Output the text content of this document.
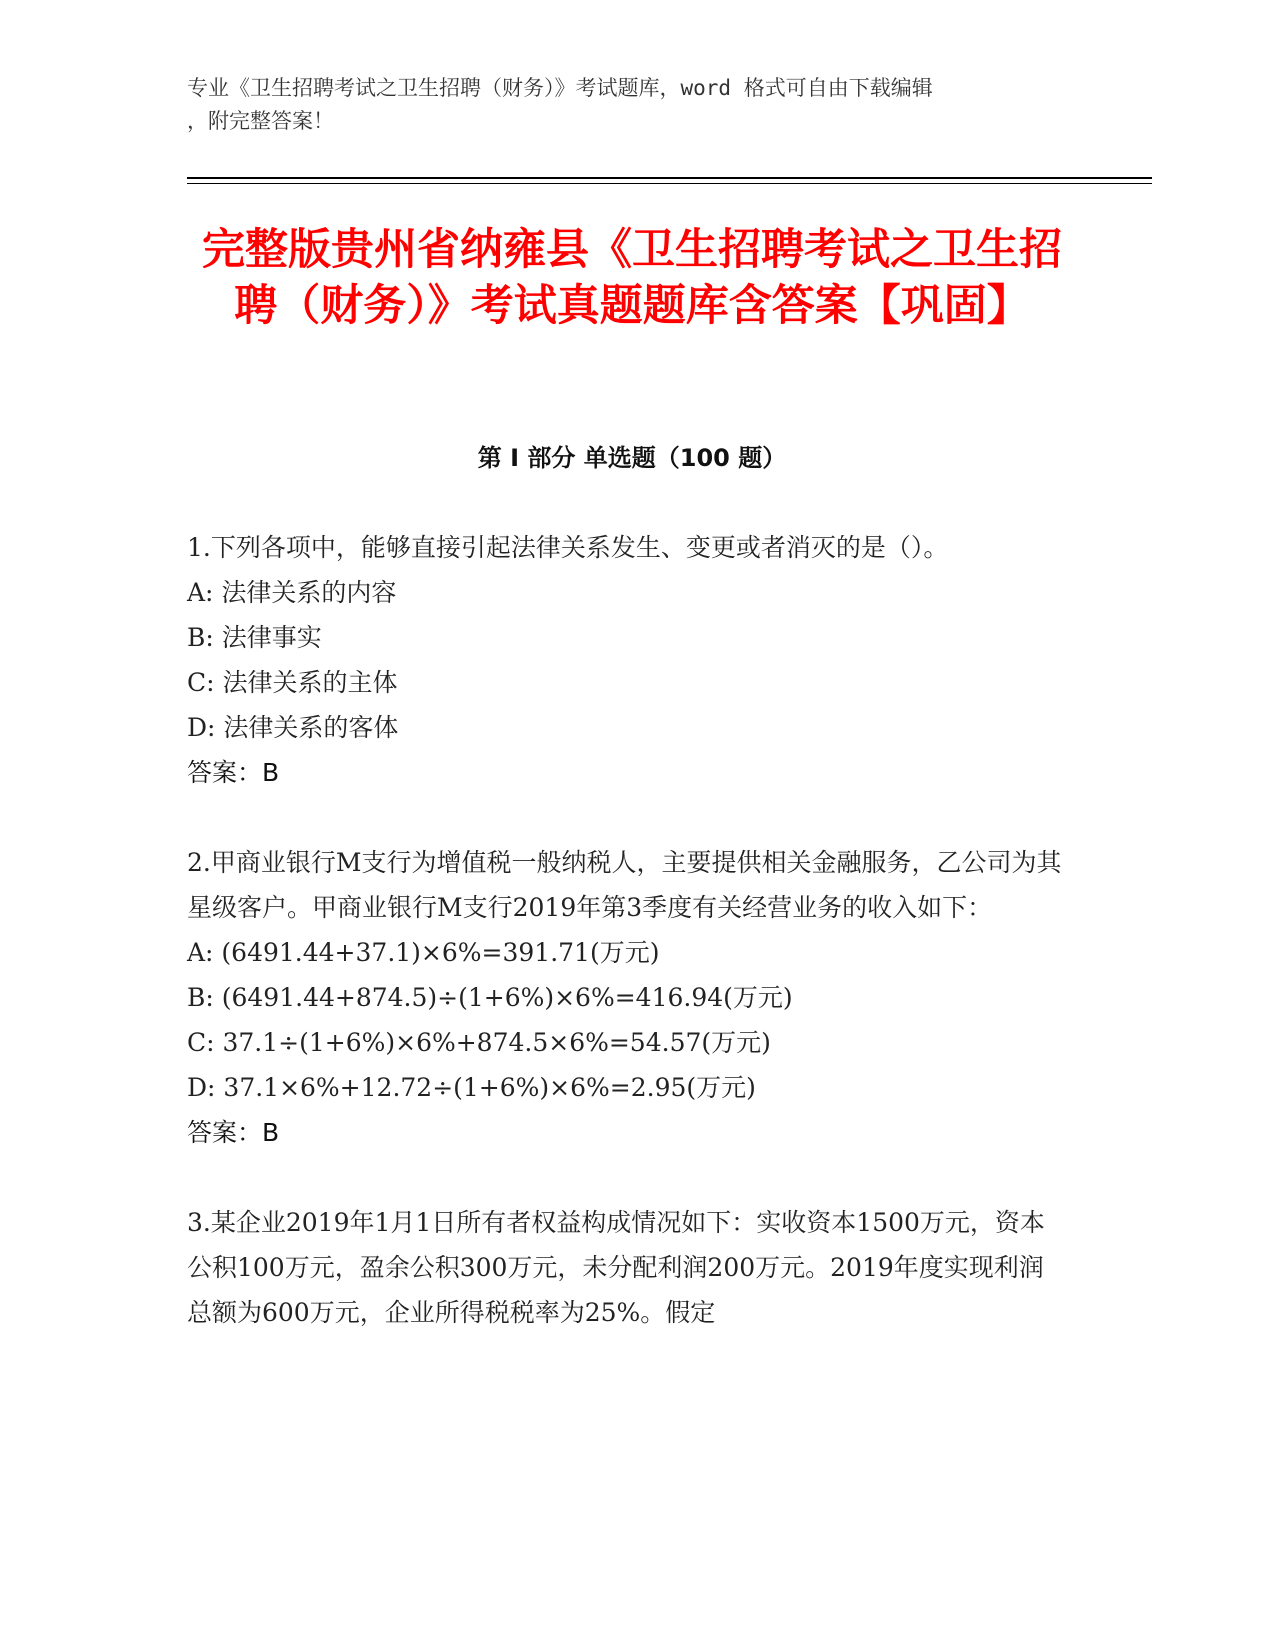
专业《卫生招聘考试之卫生招聘（财务）》考试题库，word 格式可自由下载编辑
，附完整答案！
完整版贵州省纳雍县《卫生招聘考试之卫生招聘（财务）》考试真题题库含答案【巩固】
第 I 部分 单选题（100 题）

1.下列各项中，能够直接引起法律关系发生、变更或者消灭的是（）。

A: 法律关系的内容

B: 法律事实

C: 法律关系的主体

D: 法律关系的客体

答案：B

2.甲商业银行M支行为增值税一般纳税人，主要提供相关金融服务，乙公司为其星级客户。甲商业银行M支行2019年第3季度有关经营业务的收入如下：

A: (6491.44+37.1)×6%=391.71(万元)

B: (6491.44+874.5)÷(1+6%)×6%=416.94(万元)

C: 37.1÷(1+6%)×6%+874.5×6%=54.57(万元)

D: 37.1×6%+12.72÷(1+6%)×6%=2.95(万元)

答案：B

3.某企业2019年1月1日所有者权益构成情况如下：实收资本1500万元，资本公积100万元，盈余公积300万元，未分配利润200万元。2019年度实现利润总额为600万元，企业所得税税率为25%。假定
